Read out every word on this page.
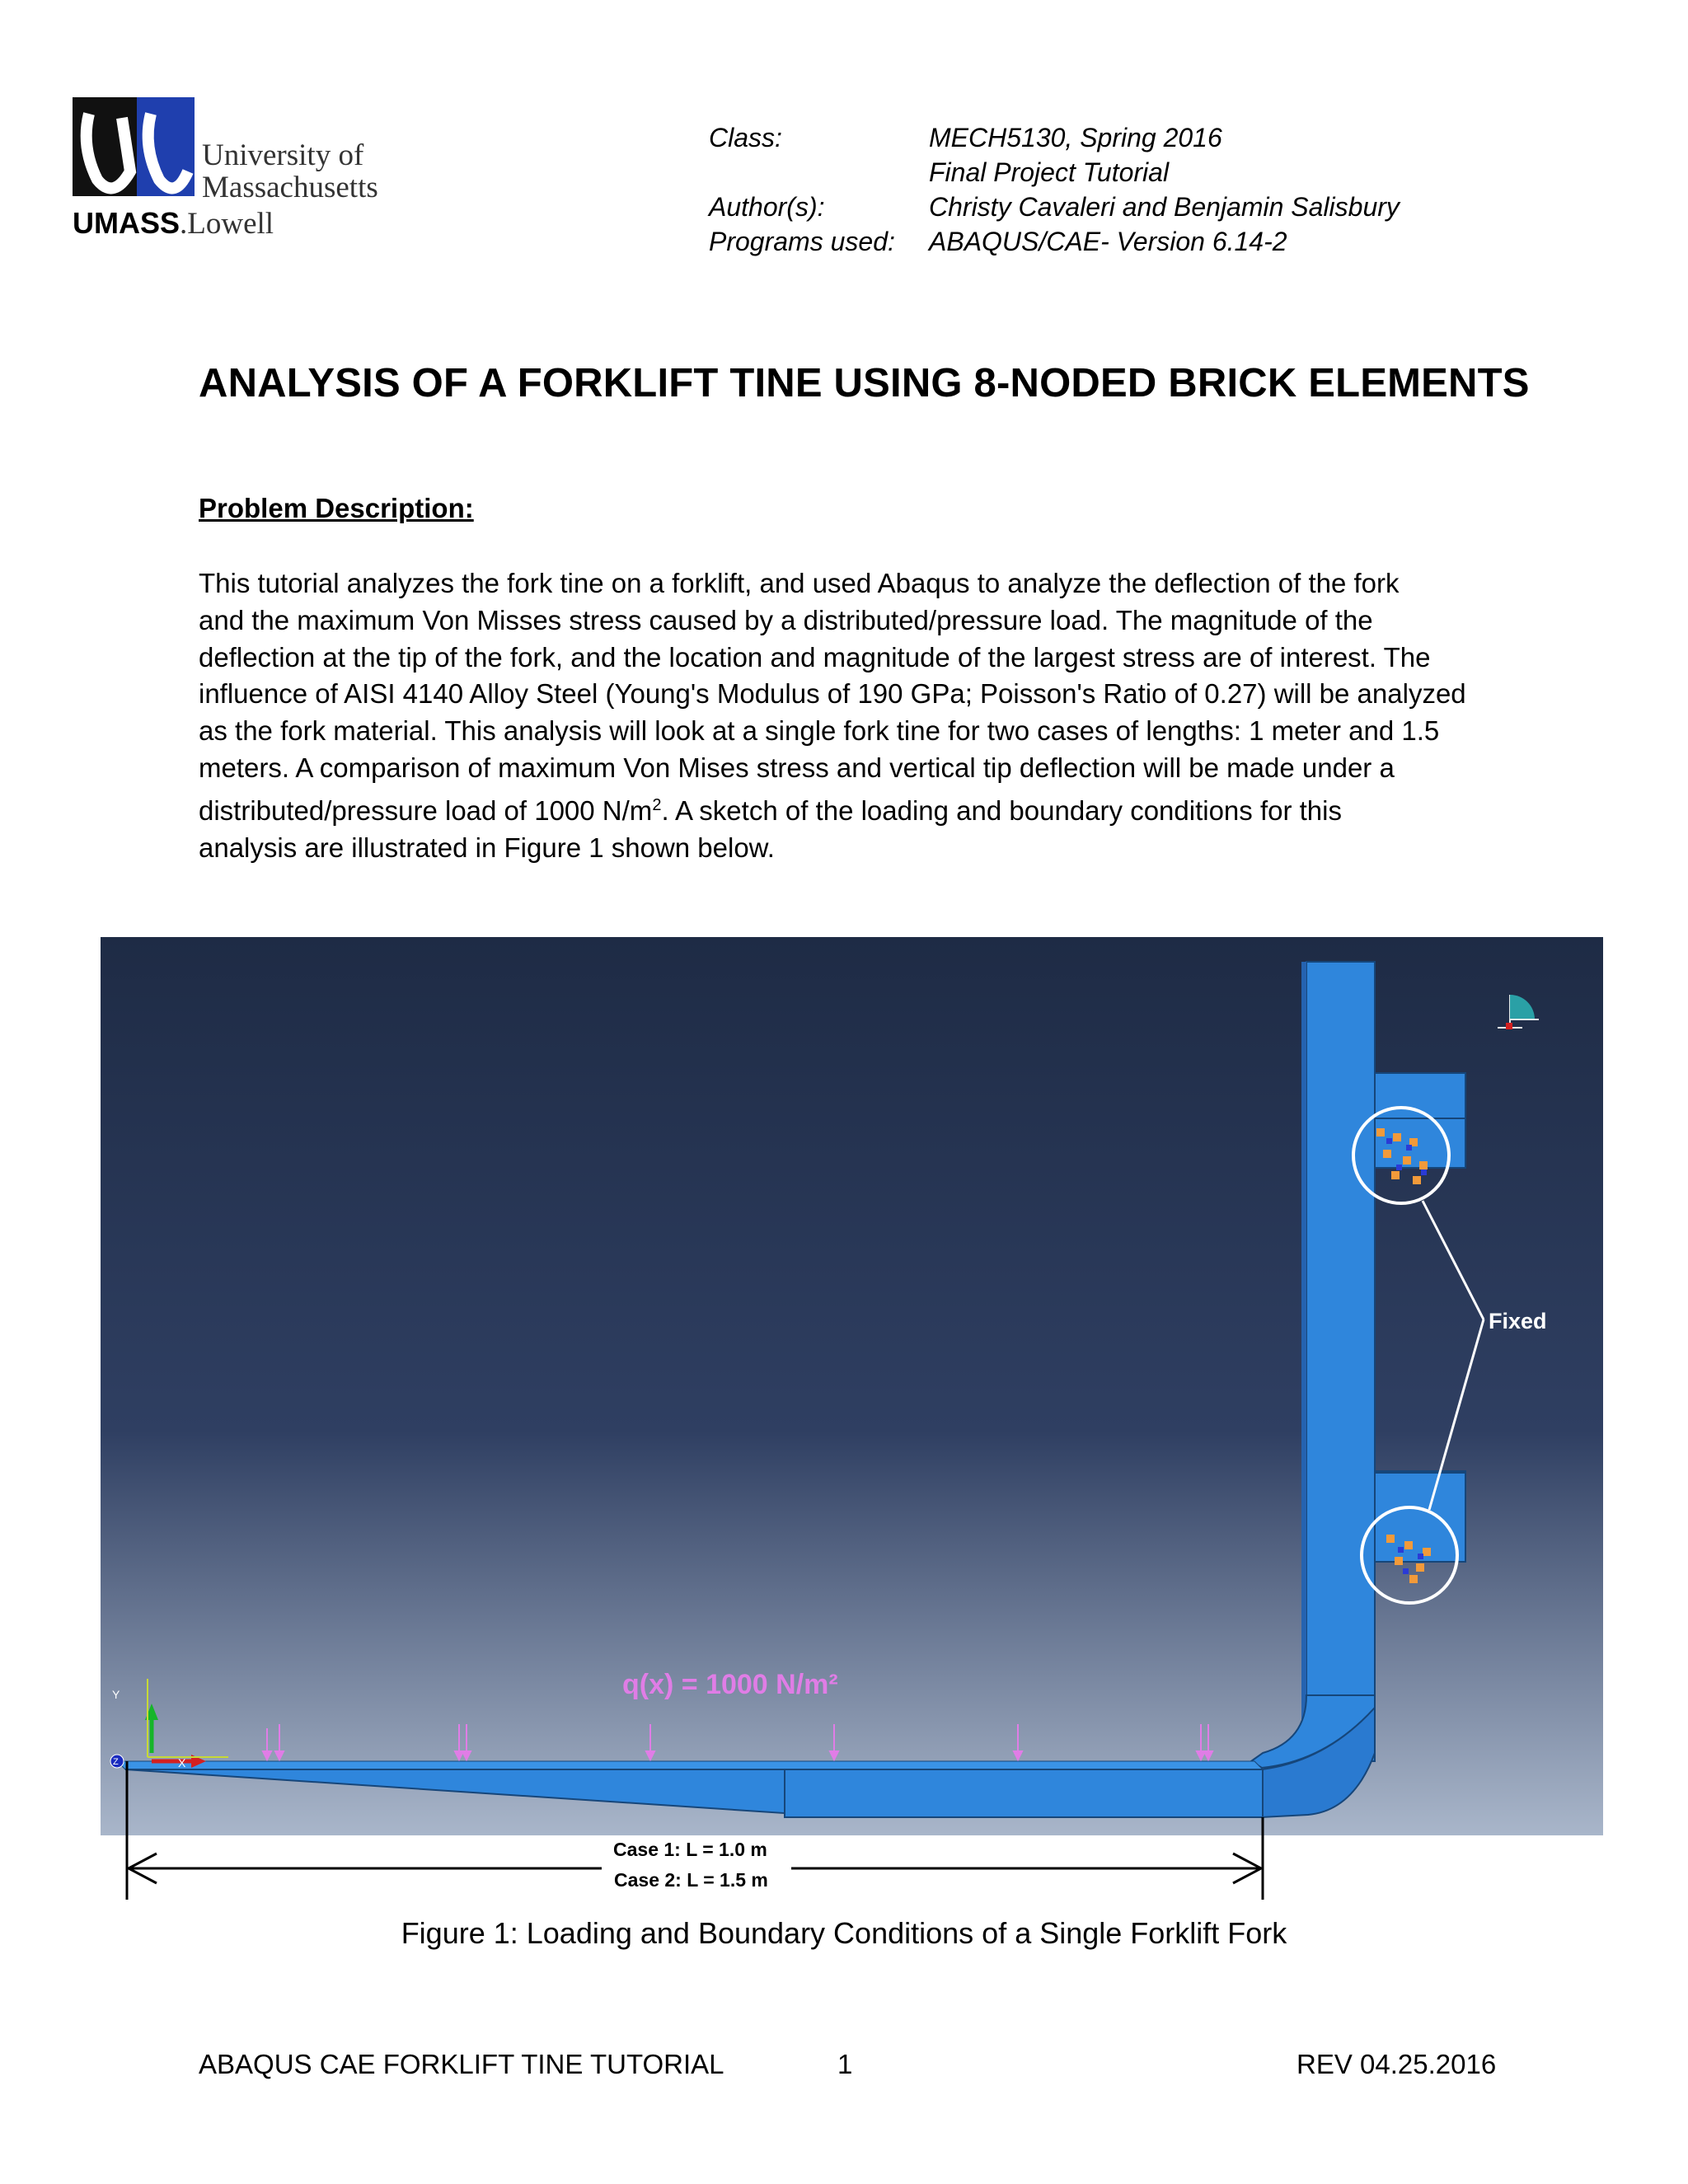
University of
Massachusetts
UMASS.Lowell
Class:	MECH5130, Spring 2016
Final Project Tutorial
Author(s):	Christy Cavaleri and Benjamin Salisbury
Programs used: ABAQUS/CAE- Version 6.14-2
ANALYSIS OF A FORKLIFT TINE USING 8-NODED BRICK ELEMENTS
Problem Description:
This tutorial analyzes the fork tine on a forklift, and used Abaqus to analyze the deflection of the fork
and the maximum Von Misses stress caused by a distributed/pressure load. The magnitude of the
deflection at the tip of the fork, and the location and magnitude of the largest stress are of interest. The
influence of AISI 4140 Alloy Steel (Young's Modulus of 190 GPa; Poisson's Ratio of 0.27) will be analyzed
as the fork material. This analysis will look at a single fork tine for two cases of lengths: 1 meter and 1.5
meters. A comparison of maximum Von Mises stress and vertical tip deflection will be made under a
distributed/pressure load of 1000 $N/m^2$. A sketch of the loading and boundary conditions for this
analysis are illustrated in Figure 1 shown below.
Fixed
q(x) = 1000 N/m²
Y
X
Z
Case 1: L = 1.0 m
Case 2: L = 1.5 m
Figure 1: Loading and Boundary Conditions of a Single Forklift Fork
ABAQUS CAE FORKLIFT TINE TUTORIAL	1	REV 04.25.2016
